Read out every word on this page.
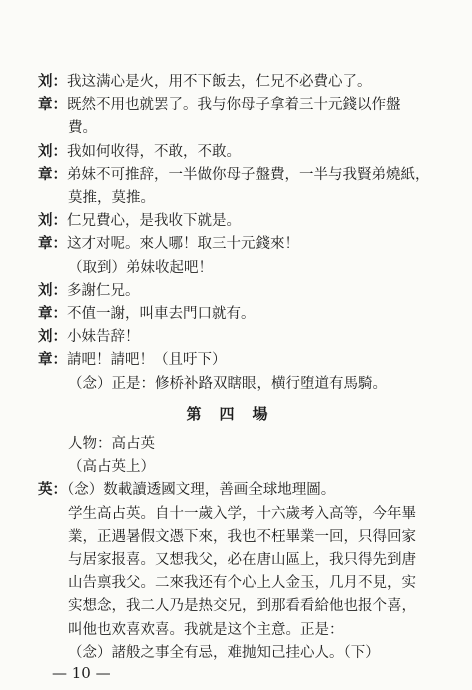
刘：我这满心是火，用不下飯去，仁兄不必費心了。
章：既然不用也就罢了。我与你母子拿着三十元錢以作盤
費。
刘：我如何收得，不敢，不敢。
章：弟妹不可推辞，一半做你母子盤費，一半与我賢弟燒紙，
莫推，莫推。
刘：仁兄費心，是我收下就是。
章：这才对呢。來人哪！取三十元錢來！
（取到）弟妹收起吧！
刘：多謝仁兄。
章：不值一謝，叫車去門口就有。
刘：小妹告辞！
章：請吧！請吧！（且吁下）
（念）正是：修桥补路双瞎眼，横行堕道有馬騎。
第四場
人物：高占英
（高占英上）
英：（念）数載讀透國文理，善画全球地理圖。
学生高占英。自十一歲入学，十六歲考入高等，今年畢
業，正遇暑假文憑下來，我也不枉畢業一回，只得回家
与居家报喜。又想我父，必在唐山區上，我只得先到唐
山告禀我父。二來我还有个心上人金玉，几月不見，实
实想念，我二人乃是热交兄，到那看看給他也报个喜，
叫他也欢喜欢喜。我就是这个主意。正是：
（念）諸般之事全有忌，难抛知己挂心人。（下）
— 10 —
